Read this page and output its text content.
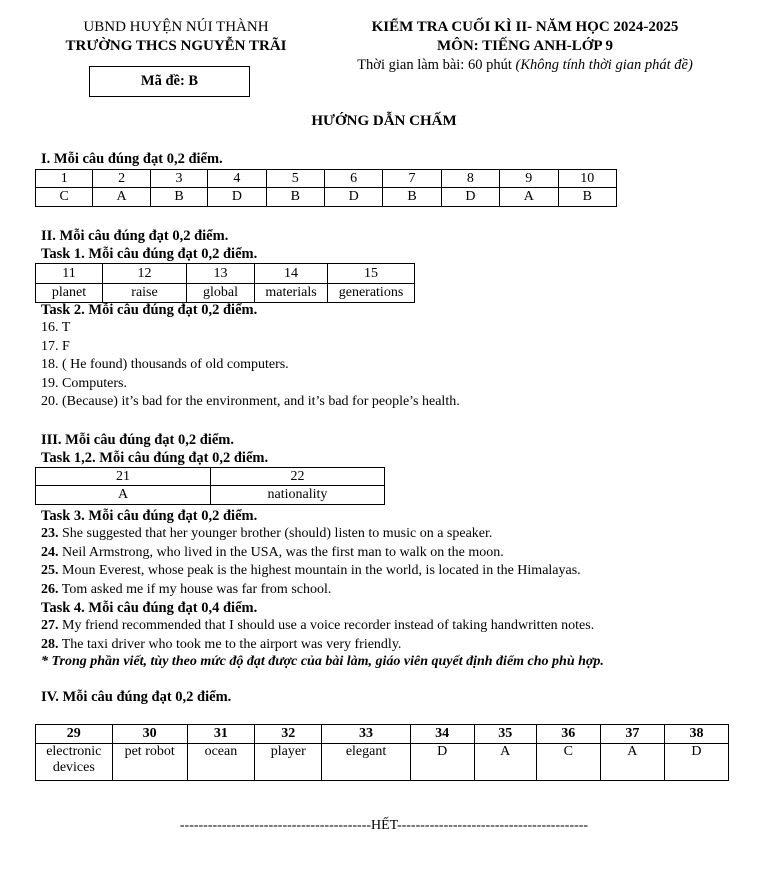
UBND HUYỆN NÚI THÀNH
TRƯỜNG THCS NGUYỄN TRÃI
KIỂM TRA CUỐI KÌ II- NĂM HỌC 2024-2025
MÔN: TIẾNG ANH-LỚP 9
Thời gian làm bài: 60 phút (Không tính thời gian phát đề)
Mã đề: B
HƯỚNG DẪN CHẤM
I. Mỗi câu đúng đạt 0,2 điểm.
1	2	3	4	5	6	7	8	9	10
C	A	B	D	B	D	B	D	A	B
II. Mỗi câu đúng đạt 0,2 điểm.
Task 1. Mỗi câu đúng đạt 0,2 điểm.
11	12	13	14	15
planet	raise	global	materials	generations
Task 2. Mỗi câu đúng đạt 0,2 điểm.
16. T
17. F
18. ( He found) thousands of old computers.
19. Computers.
20. (Because) it’s bad for the environment, and it’s bad for people’s health.
III. Mỗi câu đúng đạt 0,2 điểm.
Task 1,2. Mỗi câu đúng đạt 0,2 điểm.
21	22
A	nationality
Task 3. Mỗi câu đúng đạt 0,2 điểm.
23. She suggested that her younger brother (should) listen to music on a speaker.
24. Neil Armstrong, who lived in the USA, was the first man to walk on the moon.
25. Moun Everest, whose peak is the highest mountain in the world, is located in the Himalayas.
26. Tom asked me if my house was far from school.
Task 4. Mỗi câu đúng đạt 0,4 điểm.
27. My friend recommended that I should use a voice recorder instead of taking handwritten notes.
28. The taxi driver who took me to the airport was very friendly.
* Trong phần viết, tùy theo mức độ đạt được của bài làm, giáo viên quyết định điểm cho phù hợp.
IV. Mỗi câu đúng đạt 0,2 điểm.
29	30	31	32	33	34	35	36	37	38
electronic devices	pet robot	ocean	player	elegant	D	A	C	A	D
-----------------------------------------HẾT-----------------------------------------
